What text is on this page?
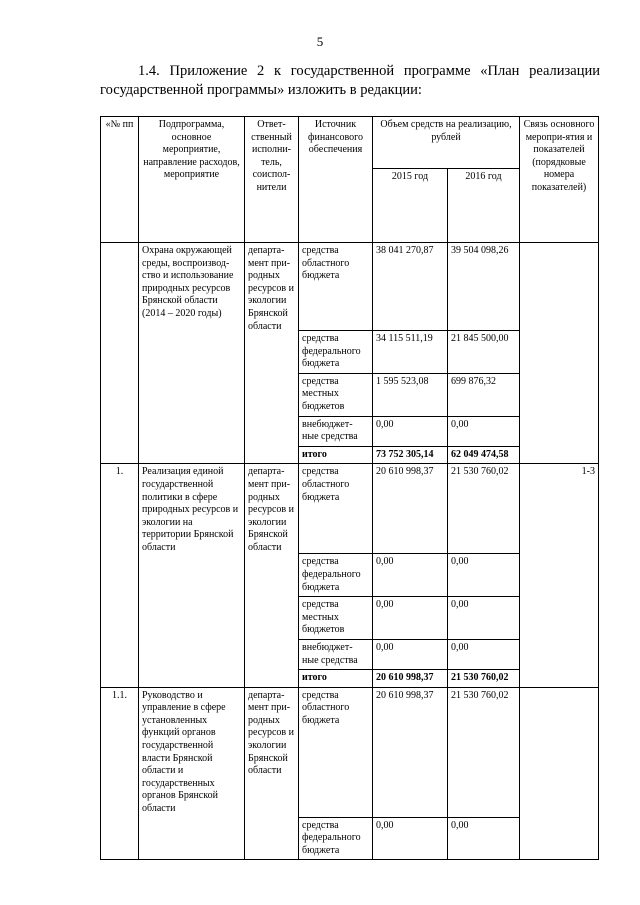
5
1.4. Приложение 2 к государственной программе «План реализации государственной программы» изложить в редакции:
«№ пп	Подпрограмма, основное мероприятие, направление расходов, мероприятие	Ответ-ственный исполни-тель, соиспол-нители	Источник финансового обеспечения	Объем средств на реализацию, рублей		Связь основного меропри-ятия и показателей (порядковые номера показателей)
				2015 год	2016 год	
	Охрана окружающей среды, воспроизвод-ство и использование природных ресурсов Брянской области (2014 – 2020 годы)	департа-мент при-родных ресурсов и экологии Брянской области	средства областного бюджета	38 041 270,87	39 504 098,26	
			средства федерального бюджета	34 115 511,19	21 845 500,00	
			средства местных бюджетов	1 595 523,08	699 876,32	
			внебюджет-ные средства	0,00	0,00	
			итого	73 752 305,14	62 049 474,58	
1.	Реализация единой государственной политики в сфере природных ресурсов и экологии на территории Брянской области	департа-мент при-родных ресурсов и экологии Брянской области	средства областного бюджета	20 610 998,37	21 530 760,02	1-3
			средства федерального бюджета	0,00	0,00	
			средства местных бюджетов	0,00	0,00	
			внебюджет-ные средства	0,00	0,00	
			итого	20 610 998,37	21 530 760,02	
1.1.	Руководство и управление в сфере установленных функций органов государственной власти Брянской области и государственных органов Брянской области	департа-мент при-родных ресурсов и экологии Брянской области	средства областного бюджета	20 610 998,37	21 530 760,02	
			средства федерального бюджета	0,00	0,00	
